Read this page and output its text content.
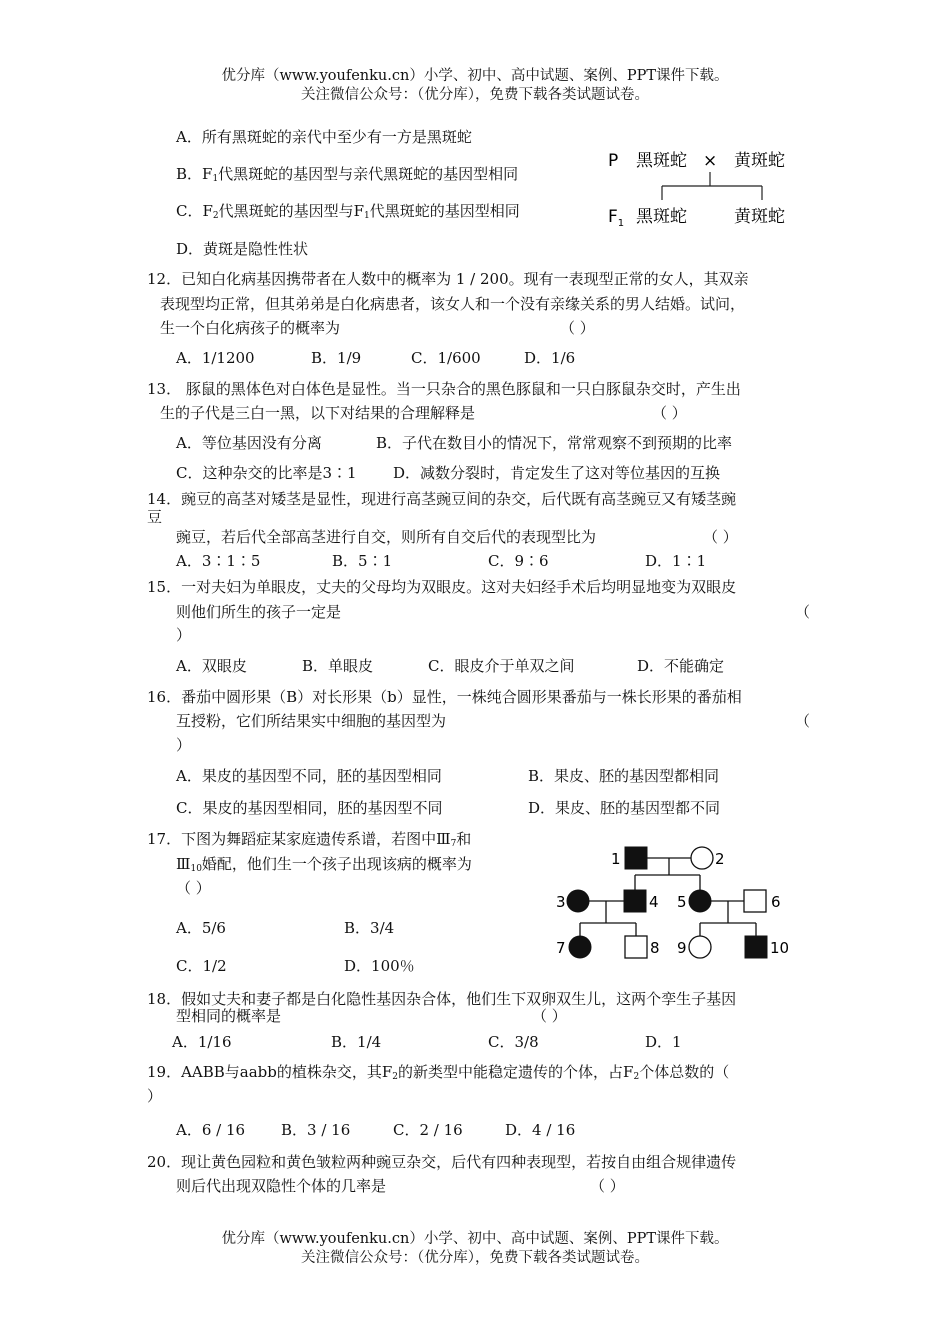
优分库（www.youfenku.cn）小学、初中、高中试题、案例、PPT课件下载。
关注微信公众号：（优分库），免费下载各类试题试卷。
A．所有黑斑蛇的亲代中至少有一方是黑斑蛇
B．$F_1$代黑斑蛇的基因型与亲代黑斑蛇的基因型相同
C．$F_2$代黑斑蛇的基因型与$F_1$代黑斑蛇的基因型相同
D．黄斑是隐性性状
P 黑斑蛇 × 黄斑蛇
$F_1$ 黑斑蛇	黄斑蛇
12．已知白化病基因携带者在人数中的概率为 1 / 200。现有一表现型正常的女人，其双亲
表现型均正常，但其弟弟是白化病患者，该女人和一个没有亲缘关系的男人结婚。试问，
生一个白化病孩子的概率为	（ ）
A．1/1200	B．1/9	C．1/600	D．1/6
13． 豚鼠的黑体色对白体色是显性。当一只杂合的黑色豚鼠和一只白豚鼠杂交时，产生出
生的子代是三白一黑，以下对结果的合理解释是	（ ）
A．等位基因没有分离	B．子代在数目小的情况下，常常观察不到预期的比率
C．这种杂交的比率是3∶1 D．减数分裂时，肯定发生了这对等位基因的互换
14．豌豆的高茎对矮茎是显性，现进行高茎豌豆间的杂交，后代既有高茎豌豆又有矮茎豌
豆
豌豆，若后代全部高茎进行自交，则所有自交后代的表现型比为	（ ）
A．3∶1∶5	B．5∶1	C．9∶6	D．1∶1
15．一对夫妇为单眼皮，丈夫的父母均为双眼皮。这对夫妇经手术后均明显地变为双眼皮
则他们所生的孩子一定是	（
）
A．双眼皮	B．单眼皮	C．眼皮介于单双之间	D．不能确定
16．番茄中圆形果（B）对长形果（b）显性，一株纯合圆形果番茄与一株长形果的番茄相
互授粉，它们所结果实中细胞的基因型为	（
）
A．果皮的基因型不同，胚的基因型相同	B．果皮、胚的基因型都相同
C．果皮的基因型相同，胚的基因型不同	D．果皮、胚的基因型都不同
17．下图为舞蹈症某家庭遗传系谱，若图中$Ⅲ_7$和
$Ⅲ_{10}$婚配，他们生一个孩子出现该病的概率为
（ ）
A．5/6	B．3/4
C．1/2	D．100％
1	2
3	4 5	6
7	8 9	10
18．假如丈夫和妻子都是白化隐性基因杂合体，他们生下双卵双生儿，这两个孪生子基因
型相同的概率是	（ ）
A．1/16	B．1/4	C．3/8	D．1
19．AABB与aabb的植株杂交，其$F_2$的新类型中能稳定遗传的个体，占$F_2$个体总数的（
）
A．6 / 16 B．3 / 16	C．2 / 16	D．4 / 16
20．现让黄色园粒和黄色皱粒两种豌豆杂交，后代有四种表现型，若按自由组合规律遗传
则后代出现双隐性个体的几率是	（ ）
优分库（www.youfenku.cn）小学、初中、高中试题、案例、PPT课件下载。
关注微信公众号：（优分库），免费下载各类试题试卷。
